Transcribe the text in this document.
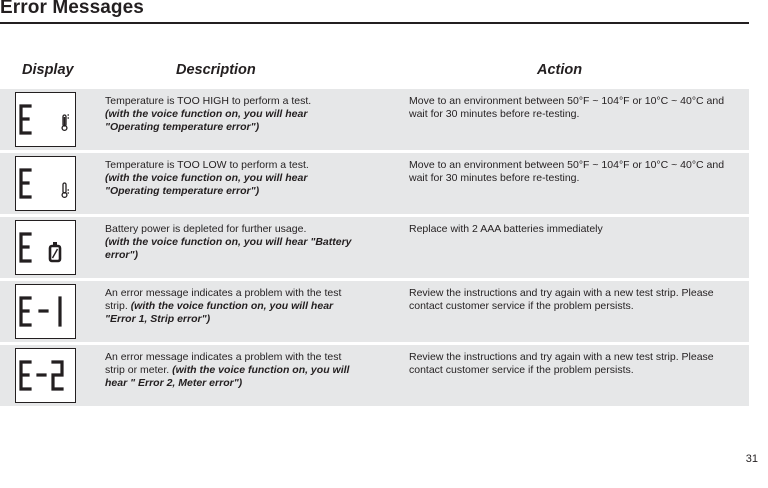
Error Messages
Display	Description	Action
Temperature is TOO HIGH to perform a test.
(with the voice function on, you will hear "Operating temperature error")
Move to an environment between 50°F ~ 104°F or 10°C ~ 40°C and wait for 30 minutes before re-testing.
Temperature is TOO LOW to perform a test.
(with the voice function on, you will hear "Operating temperature error")
Move to an environment between 50°F ~ 104°F or 10°C ~ 40°C and wait for 30 minutes before re-testing.
Battery power is depleted for further usage.
(with the voice function on, you will hear "Battery error")
Replace with 2 AAA batteries immediately
An error message indicates a problem with the test strip. (with the voice function on, you will hear "Error 1, Strip error")
Review the instructions and try again with a new test strip. Please contact customer service if the problem persists.
An error message indicates a problem with the test strip or meter. (with the voice function on, you will hear " Error 2, Meter error")
Review the instructions and try again with a new test strip. Please contact customer service if the problem persists.
31
